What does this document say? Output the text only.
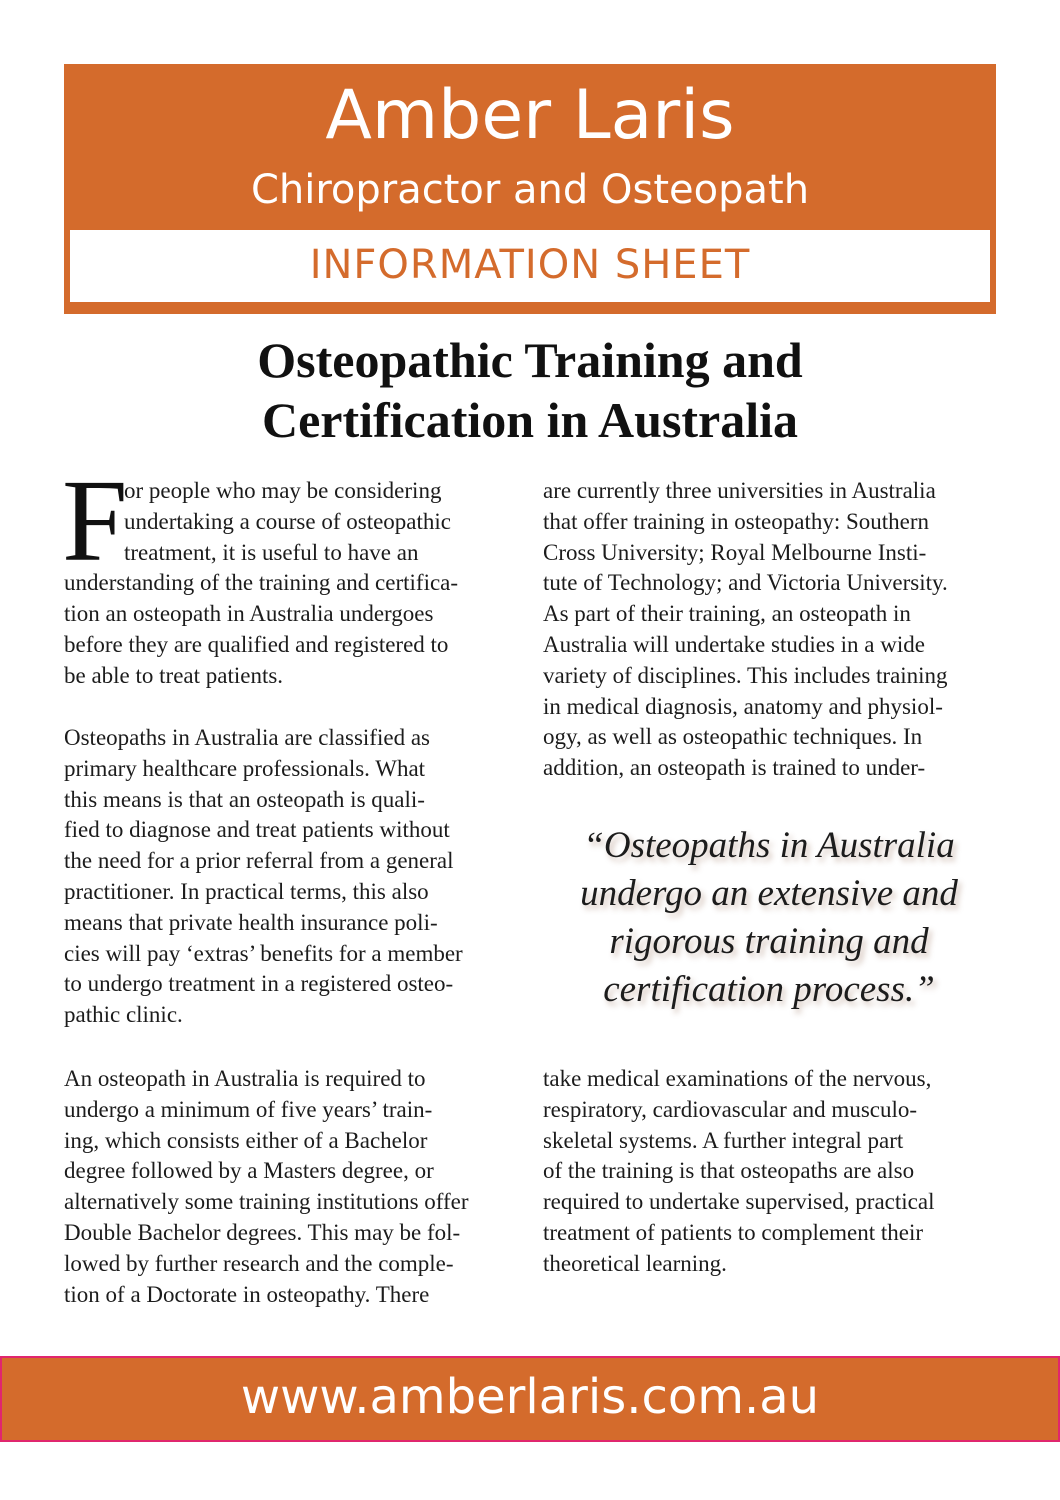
Amber Laris
Chiropractor and Osteopath
INFORMATION SHEET
Osteopathic Training and
Certification in Australia
F
or people who may be considering
undertaking a course of osteopathic
treatment, it is useful to have an
understanding of the training and certifica-
tion an osteopath in Australia undergoes
before they are qualified and registered to
be able to treat patients.
Osteopaths in Australia are classified as
primary healthcare professionals. What
this means is that an osteopath is quali-
fied to diagnose and treat patients without
the need for a prior referral from a general
practitioner. In practical terms, this also
means that private health insurance poli-
cies will pay ‘extras’ benefits for a member
to undergo treatment in a registered osteo-
pathic clinic.
An osteopath in Australia is required to
undergo a minimum of five years’ train-
ing, which consists either of a Bachelor
degree followed by a Masters degree, or
alternatively some training institutions offer
Double Bachelor degrees. This may be fol-
lowed by further research and the comple-
tion of a Doctorate in osteopathy. There
are currently three universities in Australia
that offer training in osteopathy: Southern
Cross University; Royal Melbourne Insti-
tute of Technology; and Victoria University.
As part of their training, an osteopath in
Australia will undertake studies in a wide
variety of disciplines. This includes training
in medical diagnosis, anatomy and physiol-
ogy, as well as osteopathic techniques. In
addition, an osteopath is trained to under-
“Osteopaths in Australia
undergo an extensive and
rigorous training and
certification process.”
take medical examinations of the nervous,
respiratory, cardiovascular and musculo-
skeletal systems. A further integral part
of the training is that osteopaths are also
required to undertake supervised, practical
treatment of patients to complement their
theoretical learning.
www.amberlaris.com.au
